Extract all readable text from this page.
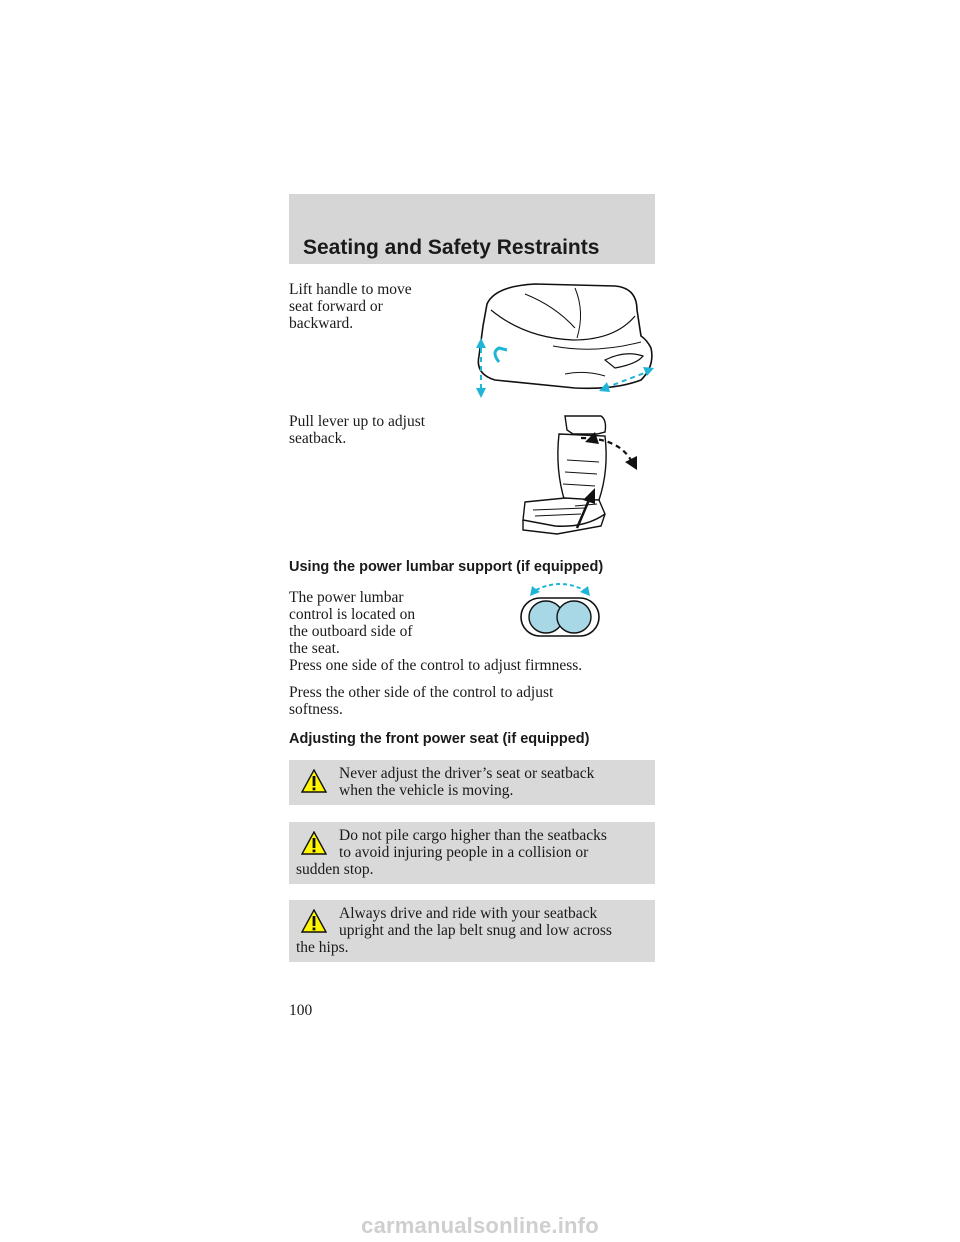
Seating and Safety Restraints

Lift handle to move
seat forward or
backward.

Pull lever up to adjust
seatback.

Using the power lumbar support (if equipped)

The power lumbar
control is located on
the outboard side of
the seat.

Press one side of the control to adjust firmness.

Press the other side of the control to adjust
softness.

Adjusting the front power seat (if equipped)

Never adjust the driver’s seat or seatback
when the vehicle is moving.

Do not pile cargo higher than the seatbacks
to avoid injuring people in a collision or
sudden stop.

Always drive and ride with your seatback
upright and the lap belt snug and low across
the hips.

100

carmanualsonline.info
